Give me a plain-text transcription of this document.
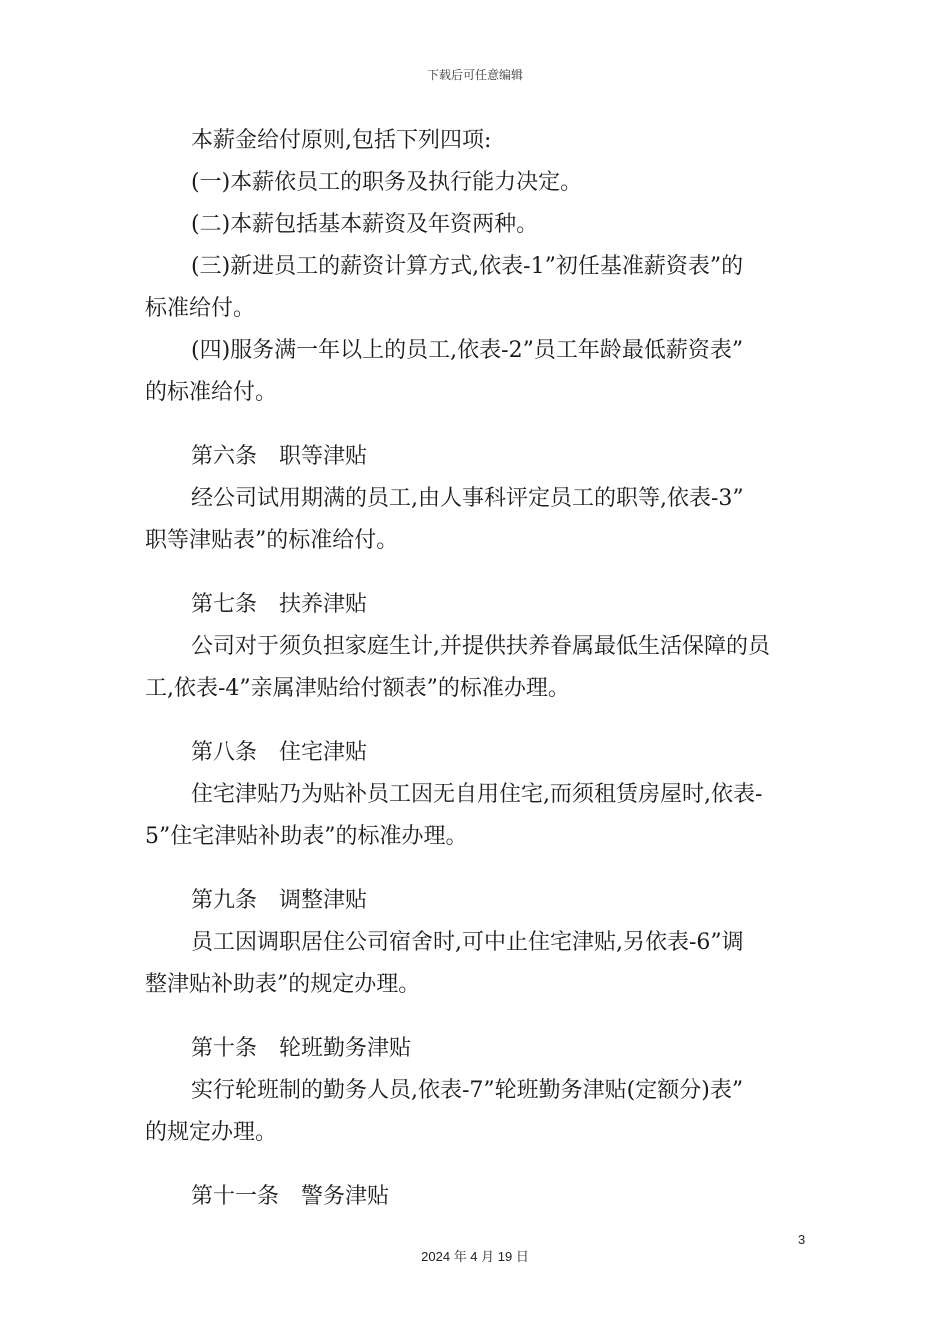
下载后可任意编辑

本薪金给付原则,包括下列四项:

(一)本薪依员工的职务及执行能力决定。

(二)本薪包括基本薪资及年资两种。

(三)新进员工的薪资计算方式,依表-1”初任基准薪资表”的

标准给付。

(四)服务满一年以上的员工,依表-2”员工年龄最低薪资表”

的标准给付。

第六条　职等津贴

经公司试用期满的员工,由人事科评定员工的职等,依表-3”

职等津贴表”的标准给付。

第七条　扶养津贴

公司对于须负担家庭生计,并提供扶养眷属最低生活保障的员

工,依表-4”亲属津贴给付额表”的标准办理。

第八条　住宅津贴

住宅津贴乃为贴补员工因无自用住宅,而须租赁房屋时,依表-

5”住宅津贴补助表”的标准办理。

第九条　调整津贴

员工因调职居住公司宿舍时,可中止住宅津贴,另依表-6”调

整津贴补助表”的规定办理。

第十条　轮班勤务津贴

实行轮班制的勤务人员,依表-7”轮班勤务津贴(定额分)表”

的规定办理。

第十一条　警务津贴

3
2024 年 4 月 19 日
